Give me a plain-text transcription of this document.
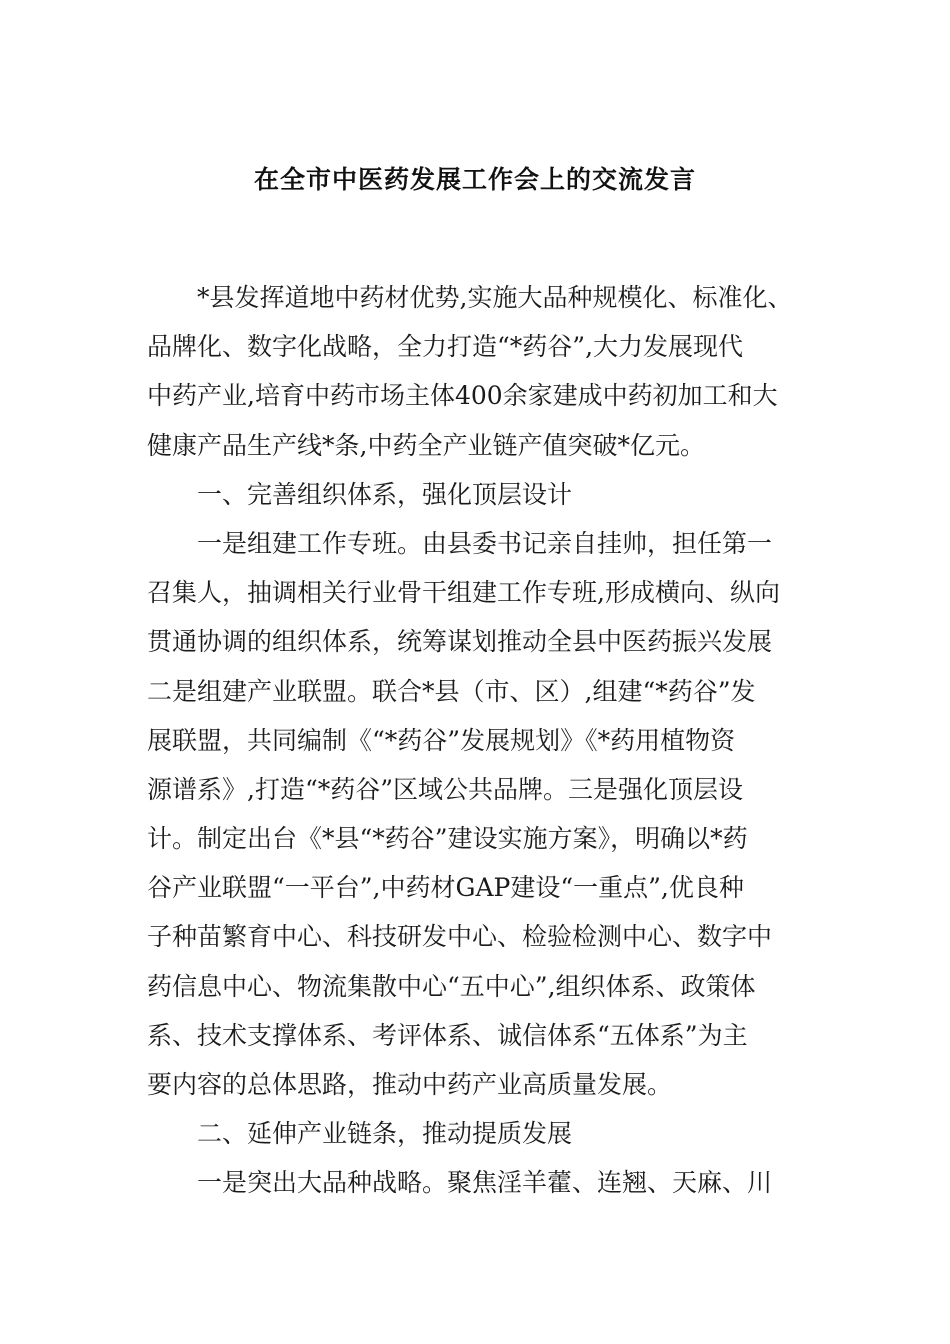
在全市中医药发展工作会上的交流发言
*县发挥道地中药材优势,实施大品种规模化、标准化、
品牌化、数字化战略，全力打造“*药谷”,大力发展现代
中药产业,培育中药市场主体400余家建成中药初加工和大
健康产品生产线*条,中药全产业链产值突破*亿元。
一、完善组织体系，强化顶层设计
一是组建工作专班。由县委书记亲自挂帅，担任第一
召集人，抽调相关行业骨干组建工作专班,形成横向、纵向
贯通协调的组织体系，统筹谋划推动全县中医药振兴发展
二是组建产业联盟。联合*县（市、区）,组建“*药谷”发
展联盟，共同编制《“*药谷”发展规划》《*药用植物资
源谱系》,打造“*药谷”区域公共品牌。三是强化顶层设
计。制定出台《*县“*药谷”建设实施方案》，明确以*药
谷产业联盟“一平台”,中药材GAP建设“一重点”,优良种
子种苗繁育中心、科技研发中心、检验检测中心、数字中
药信息中心、物流集散中心“五中心”,组织体系、政策体
系、技术支撑体系、考评体系、诚信体系“五体系”为主
要内容的总体思路，推动中药产业高质量发展。
二、延伸产业链条，推动提质发展
一是突出大品种战略。聚焦淫羊藿、连翘、天麻、川
